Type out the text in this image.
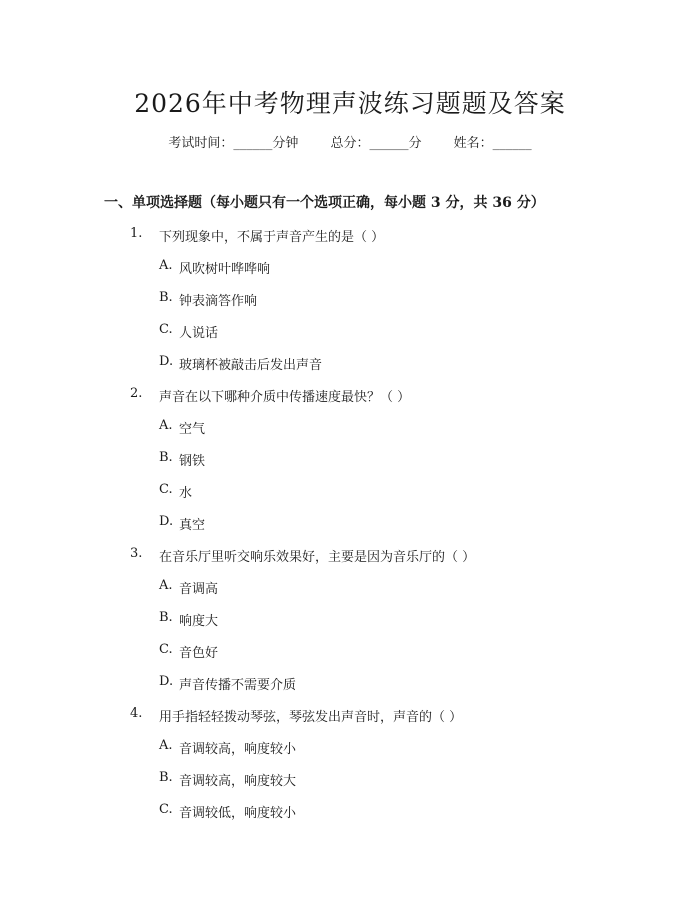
2026年中考物理声波练习题题及答案
考试时间：______分钟 总分：______分 姓名：______
一、单项选择题（每小题只有一个选项正确，每小题 3 分，共 36 分）
1. 下列现象中，不属于声音产生的是（ ）
A. 风吹树叶哗哗响
B. 钟表滴答作响
C. 人说话
D. 玻璃杯被敲击后发出声音
2. 声音在以下哪种介质中传播速度最快？（ ）
A. 空气
B. 钢铁
C. 水
D. 真空
3. 在音乐厅里听交响乐效果好，主要是因为音乐厅的（ ）
A. 音调高
B. 响度大
C. 音色好
D. 声音传播不需要介质
4. 用手指轻轻拨动琴弦，琴弦发出声音时，声音的（ ）
A. 音调较高，响度较小
B. 音调较高，响度较大
C. 音调较低，响度较小
